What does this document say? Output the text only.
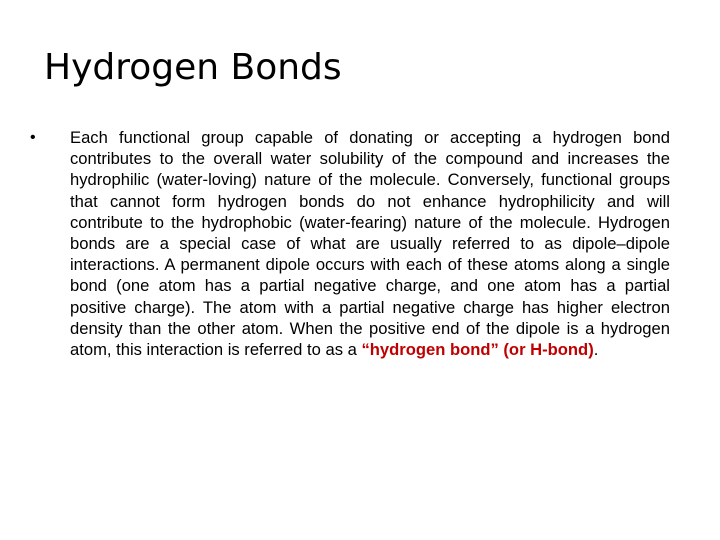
Hydrogen Bonds
• Each functional group capable of donating or accepting a hydrogen bond contributes to the overall water solubility of the compound and increases the hydrophilic (water-loving) nature of the molecule. Conversely, functional groups that cannot form hydrogen bonds do not enhance hydrophilicity and will contribute to the hydrophobic (water-fearing) nature of the molecule. Hydrogen bonds are a special case of what are usually referred to as dipole–dipole interactions. A permanent dipole occurs with each of these atoms along a single bond (one atom has a partial negative charge, and one atom has a partial positive charge). The atom with a partial negative charge has higher electron density than the other atom. When the positive end of the dipole is a hydrogen atom, this interaction is referred to as a “hydrogen bond” (or H-bond).
